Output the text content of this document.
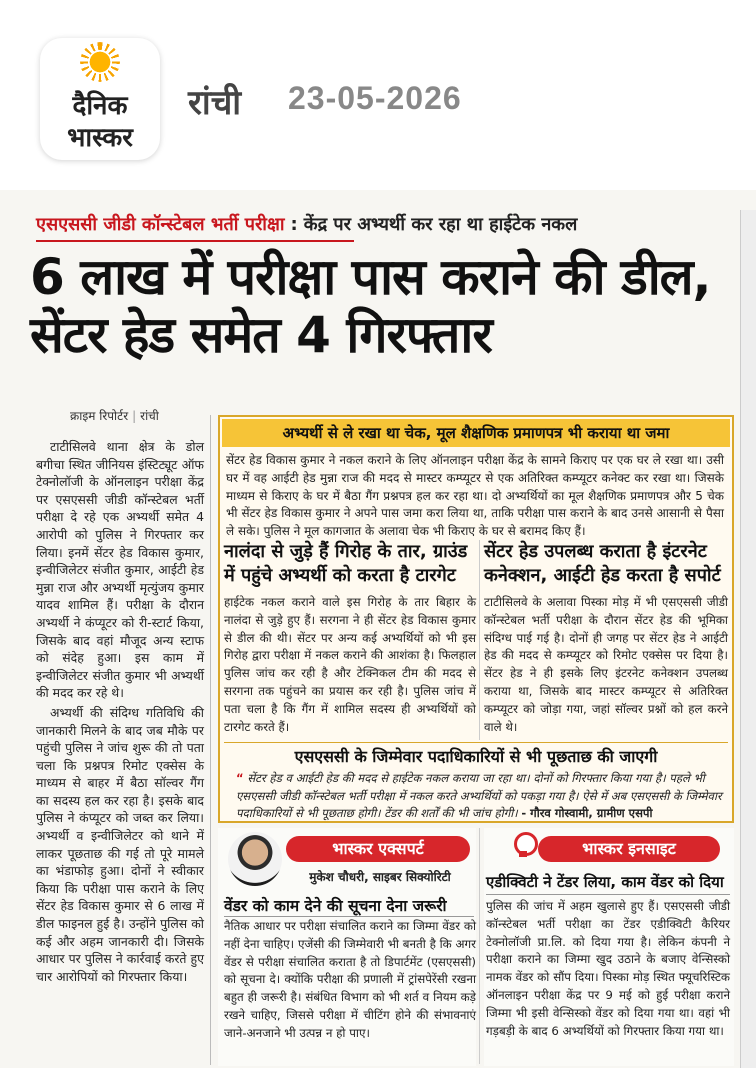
दैनिक
भास्कर
रांची 23-05-2026
एसएससी जीडी कॉन्स्टेबल भर्ती परीक्षा : केंद्र पर अभ्यर्थी कर रहा था हाईटेक नकल
6 लाख में परीक्षा पास कराने की डील, सेंटर हेड समेत 4 गिरफ्तार
क्राइम रिपोर्टर | रांची

टाटीसिलवे थाना क्षेत्र के डोल बगीचा स्थित जीनियस इंस्टिट्यूट ऑफ टेक्नोलॉजी के ऑनलाइन परीक्षा केंद्र पर एसएससी जीडी कॉन्स्टेबल भर्ती परीक्षा दे रहे एक अभ्यर्थी समेत 4 आरोपी को पुलिस ने गिरफ्तार कर लिया। इनमें सेंटर हेड विकास कुमार, इन्वीजिलेटर संजीत कुमार, आईटी हेड मुन्ना राज और अभ्यर्थी मृत्युंजय कुमार यादव शामिल हैं। परीक्षा के दौरान अभ्यर्थी ने कंप्यूटर को री-स्टार्ट किया, जिसके बाद वहां मौजूद अन्य स्टाफ को संदेह हुआ। इस काम में इन्वीजिलेटर संजीत कुमार भी अभ्यर्थी की मदद कर रहे थे।

अभ्यर्थी की संदिग्ध गतिविधि की जानकारी मिलने के बाद जब मौके पर पहुंची पुलिस ने जांच शुरू की तो पता चला कि प्रश्नपत्र रिमोट एक्सेस के माध्यम से बाहर में बैठा सॉल्वर गैंग का सदस्य हल कर रहा है। इसके बाद पुलिस ने कंप्यूटर को जब्त कर लिया। अभ्यर्थी व इन्वीजिलेटर को थाने में लाकर पूछताछ की गई तो पूरे मामले का भंडाफोड़ हुआ। दोनों ने स्वीकार किया कि परीक्षा पास कराने के लिए सेंटर हेड विकास कुमार से 6 लाख में डील फाइनल हुई है। उन्होंने पुलिस को कई और अहम जानकारी दी। जिसके आधार पर पुलिस ने कार्रवाई करते हुए चार आरोपियों को गिरफ्तार किया।

अभ्यर्थी से ले रखा था चेक, मूल शैक्षणिक प्रमाणपत्र भी कराया था जमा
सेंटर हेड विकास कुमार ने नकल कराने के लिए ऑनलाइन परीक्षा केंद्र के सामने किराए पर एक घर ले रखा था। उसी घर में वह आईटी हेड मुन्ना राज की मदद से मास्टर कम्प्यूटर से एक अतिरिक्त कम्प्यूटर कनेक्ट कर रखा था। जिसके माध्यम से किराए के घर में बैठा गैंग प्रश्नपत्र हल कर रहा था। दो अभ्यर्थियों का मूल शैक्षणिक प्रमाणपत्र और 5 चेक भी सेंटर हेड विकास कुमार ने अपने पास जमा करा लिया था, ताकि परीक्षा पास कराने के बाद उनसे आसानी से पैसा ले सके। पुलिस ने मूल कागजात के अलावा चेक भी किराए के घर से बरामद किए हैं।
नालंदा से जुड़े हैं गिरोह के तार, ग्राउंड में पहुंचे अभ्यर्थी को करता है टारगेट
हाईटेक नकल कराने वाले इस गिरोह के तार बिहार के नालंदा से जुड़े हुए हैं। सरगना ने ही सेंटर हेड विकास कुमार से डील की थी। सेंटर पर अन्य कई अभ्यर्थियों को भी इस गिरोह द्वारा परीक्षा में नकल कराने की आशंका है। फिलहाल पुलिस जांच कर रही है और टेक्निकल टीम की मदद से सरगना तक पहुंचने का प्रयास कर रही है। पुलिस जांच में पता चला है कि गैंग में शामिल सदस्य ही अभ्यर्थियों को टारगेट करते हैं।
सेंटर हेड उपलब्ध कराता है इंटरनेट कनेक्शन, आईटी हेड करता है सपोर्ट
टाटीसिलवे के अलावा पिस्का मोड़ में भी एसएससी जीडी कॉन्स्टेबल भर्ती परीक्षा के दौरान सेंटर हेड की भूमिका संदिग्ध पाई गई है। दोनों ही जगह पर सेंटर हेड ने आईटी हेड की मदद से कम्प्यूटर को रिमोट एक्सेस पर दिया है। सेंटर हेड ने ही इसके लिए इंटरनेट कनेक्शन उपलब्ध कराया था, जिसके बाद मास्टर कम्प्यूटर से अतिरिक्त कम्प्यूटर को जोड़ा गया, जहां सॉल्वर प्रश्नों को हल करने वाले थे।
एसएससी के जिम्मेवार पदाधिकारियों से भी पूछताछ की जाएगी
“ सेंटर हेड व आईटी हेड की मदद से हाईटेक नकल कराया जा रहा था। दोनों को गिरफ्तार किया गया है। पहले भी एसएससी जीडी कॉन्स्टेबल भर्ती परीक्षा में नकल करते अभ्यर्थियों को पकड़ा गया है। ऐसे में अब एसएससी के जिम्मेवार पदाधिकारियों से भी पूछताछ होगी। टेंडर की शर्तों की भी जांच होगी। - गौरव गोस्वामी, ग्रामीण एसपी
भास्कर एक्सपर्ट
मुकेश चौधरी, साइबर सिक्योरिटी
वेंडर को काम देने की सूचना देना जरूरी
नैतिक आधार पर परीक्षा संचालित कराने का जिम्मा वेंडर को नहीं देना चाहिए। एजेंसी की जिम्मेवारी भी बनती है कि अगर वेंडर से परीक्षा संचालित कराता है तो डिपार्टमेंट (एसएससी) को सूचना दे। क्योंकि परीक्षा की प्रणाली में ट्रांसपेरेंसी रखना बहुत ही जरूरी है। संबंधित विभाग को भी शर्त व नियम कड़े रखने चाहिए, जिससे परीक्षा में चीटिंग होने की संभावनाएं जाने-अनजाने भी उत्पन्न न हो पाए।
भास्कर इनसाइट
एडीक्विटी ने टेंडर लिया, काम वेंडर को दिया
पुलिस की जांच में अहम खुलासे हुए हैं। एसएससी जीडी कॉन्स्टेबल भर्ती परीक्षा का टेंडर एडीक्विटी कैरियर टेक्नोलॉजी प्रा.लि. को दिया गया है। लेकिन कंपनी ने परीक्षा कराने का जिम्मा खुद उठाने के बजाए वेन्सिस्को नामक वेंडर को सौंप दिया। पिस्का मोड़ स्थित फ्यूचरिस्टिक ऑनलाइन परीक्षा केंद्र पर 9 मई को हुई परीक्षा कराने जिम्मा भी इसी वेन्सिस्को वेंडर को दिया गया था। वहां भी गड़बड़ी के बाद 6 अभ्यर्थियों को गिरफ्तार किया गया था।
